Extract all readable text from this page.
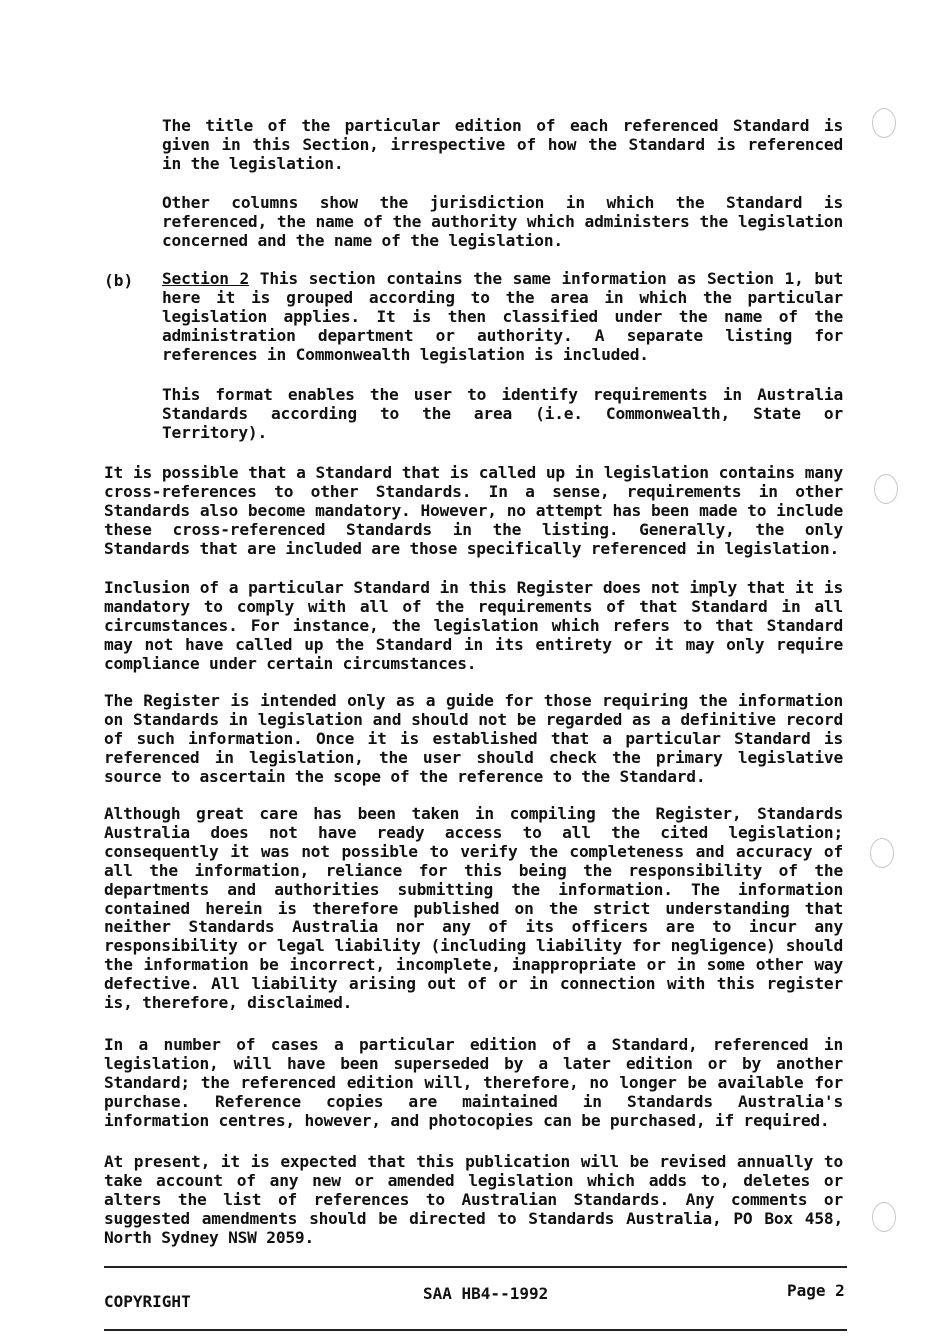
The title of the particular edition of each referenced Standard is given in this Section, irrespective of how the Standard is referenced in the legislation.
Other columns show the jurisdiction in which the Standard is referenced, the name of the authority which administers the legislation concerned and the name of the legislation.
(b) Section 2 This section contains the same information as Section 1, but here it is grouped according to the area in which the particular legislation applies. It is then classified under the name of the administration department or authority. A separate listing for references in Commonwealth legislation is included.
This format enables the user to identify requirements in Australia Standards according to the area (i.e. Commonwealth, State or Territory).
It is possible that a Standard that is called up in legislation contains many cross-references to other Standards. In a sense, requirements in other Standards also become mandatory. However, no attempt has been made to include these cross-referenced Standards in the listing. Generally, the only Standards that are included are those specifically referenced in legislation.
Inclusion of a particular Standard in this Register does not imply that it is mandatory to comply with all of the requirements of that Standard in all circumstances. For instance, the legislation which refers to that Standard may not have called up the Standard in its entirety or it may only require compliance under certain circumstances.
The Register is intended only as a guide for those requiring the information on Standards in legislation and should not be regarded as a definitive record of such information. Once it is established that a particular Standard is referenced in legislation, the user should check the primary legislative source to ascertain the scope of the reference to the Standard.
Although great care has been taken in compiling the Register, Standards Australia does not have ready access to all the cited legislation; consequently it was not possible to verify the completeness and accuracy of all the information, reliance for this being the responsibility of the departments and authorities submitting the information. The information contained herein is therefore published on the strict understanding that neither Standards Australia nor any of its officers are to incur any responsibility or legal liability (including liability for negligence) should the information be incorrect, incomplete, inappropriate or in some other way defective. All liability arising out of or in connection with this register is, therefore, disclaimed.
In a number of cases a particular edition of a Standard, referenced in legislation, will have been superseded by a later edition or by another Standard; the referenced edition will, therefore, no longer be available for purchase. Reference copies are maintained in Standards Australia's information centres, however, and photocopies can be purchased, if required.
At present, it is expected that this publication will be revised annually to take account of any new or amended legislation which adds to, deletes or alters the list of references to Australian Standards. Any comments or suggested amendments should be directed to Standards Australia, PO Box 458, North Sydney NSW 2059.
COPYRIGHT	SAA HB4--1992	Page 2
